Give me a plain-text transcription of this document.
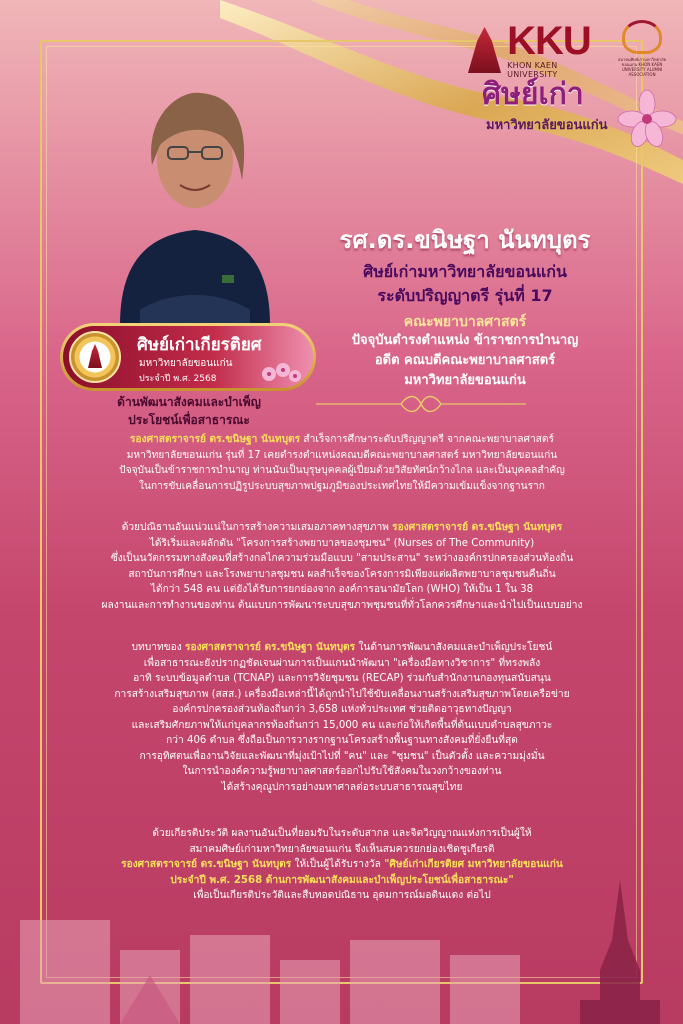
KKU
KHON KAEN UNIVERSITY
สมาคมศิษย์เก่ามหาวิทยาลัยขอนแก่น KHON KAEN UNIVERSITY ALUMNI ASSOCIATION
ศิษย์เก่า
มหาวิทยาลัยขอนแก่น
รศ.ดร.ขนิษฐา นันทบุตร
ศิษย์เก่ามหาวิทยาลัยขอนแก่น
ระดับปริญญาตรี รุ่นที่ 17
คณะพยาบาลศาสตร์
ปัจจุบันดำรงตำแหน่ง ข้าราชการบำนาญ
อดีต คณบดีคณะพยาบาลศาสตร์
มหาวิทยาลัยขอนแก่น
ศิษย์เก่าเกียรติยศ
มหาวิทยาลัยขอนแก่น
ประจำปี พ.ศ. 2568
ด้านพัฒนาสังคมและบำเพ็ญ
ประโยชน์เพื่อสาธารณะ
รองศาสตราจารย์ ดร.ขนิษฐา นันทบุตร สำเร็จการศึกษาระดับปริญญาตรี จากคณะพยาบาลศาสตร์
มหาวิทยาลัยขอนแก่น รุ่นที่ 17 เคยดำรงตำแหน่งคณบดีคณะพยาบาลศาสตร์ มหาวิทยาลัยขอนแก่น
ปัจจุบันเป็นข้าราชการบำนาญ ท่านนับเป็นบุรุษบุคคลผู้เปี่ยมด้วยวิสัยทัศน์กว้างไกล และเป็นบุคคลสำคัญ
ในการขับเคลื่อนการปฏิรูประบบสุขภาพปฐมภูมิของประเทศไทยให้มีความเข้มแข็งจากฐานราก
ด้วยปณิธานอันแน่วแน่ในการสร้างความเสมอภาคทางสุขภาพ รองศาสตราจารย์ ดร.ขนิษฐา นันทบุตร
ได้ริเริ่มและผลักดัน "โครงการสร้างพยาบาลของชุมชน" (Nurses of The Community)
ซึ่งเป็นนวัตกรรมทางสังคมที่สร้างกลไกความร่วมมือแบบ "สามประสาน" ระหว่างองค์กรปกครองส่วนท้องถิ่น
สถาบันการศึกษา และโรงพยาบาลชุมชน ผลสำเร็จของโครงการมิเพียงแต่ผลิตพยาบาลชุมชนคืนถิ่น
ได้กว่า 548 คน แต่ยังได้รับการยกย่องจาก องค์การอนามัยโลก (WHO) ให้เป็น 1 ใน 38
ผลงานและการทำงานของท่าน ต้นแบบการพัฒนาระบบสุขภาพชุมชนที่ทั่วโลกควรศึกษาและนำไปเป็นแบบอย่าง
บทบาทของ รองศาสตราจารย์ ดร.ขนิษฐา นันทบุตร ในด้านการพัฒนาสังคมและบำเพ็ญประโยชน์
เพื่อสาธารณะยังปรากฏชัดเจนผ่านการเป็นแกนนำพัฒนา "เครื่องมือทางวิชาการ" ที่ทรงพลัง
อาทิ ระบบข้อมูลตำบล (TCNAP) และการวิจัยชุมชน (RECAP) ร่วมกับสำนักงานกองทุนสนับสนุน
การสร้างเสริมสุขภาพ (สสส.) เครื่องมือเหล่านี้ได้ถูกนำไปใช้ขับเคลื่อนงานสร้างเสริมสุขภาพโดยเครือข่าย
องค์กรปกครองส่วนท้องถิ่นกว่า 3,658 แห่งทั่วประเทศ ช่วยติดอาวุธทางปัญญา
และเสริมศักยภาพให้แก่บุคลากรท้องถิ่นกว่า 15,000 คน และก่อให้เกิดพื้นที่ต้นแบบตำบลสุขภาวะ
กว่า 406 ตำบล ซึ่งถือเป็นการวางรากฐานโครงสร้างพื้นฐานทางสังคมที่ยั่งยืนที่สุด
การอุทิศตนเพื่องานวิจัยและพัฒนาที่มุ่งเป้าไปที่ "คน" และ "ชุมชน" เป็นตัวตั้ง และความมุ่งมั่น
ในการนำองค์ความรู้พยาบาลศาสตร์ออกไปรับใช้สังคมในวงกว้างของท่าน
ได้สร้างคุณูปการอย่างมหาศาลต่อระบบสาธารณสุขไทย
ด้วยเกียรติประวัติ ผลงานอันเป็นที่ยอมรับในระดับสากล และจิตวิญญาณแห่งการเป็นผู้ให้
สมาคมศิษย์เก่ามหาวิทยาลัยขอนแก่น จึงเห็นสมควรยกย่องเชิดชูเกียรติ
รองศาสตราจารย์ ดร.ขนิษฐา นันทบุตร ให้เป็นผู้ได้รับรางวัล "ศิษย์เก่าเกียรติยศ มหาวิทยาลัยขอนแก่น
ประจำปี พ.ศ. 2568 ด้านการพัฒนาสังคมและบำเพ็ญประโยชน์เพื่อสาธารณะ"
เพื่อเป็นเกียรติประวัติและสืบทอดปณิธาน อุดมการณ์มอดินแดง ต่อไป
